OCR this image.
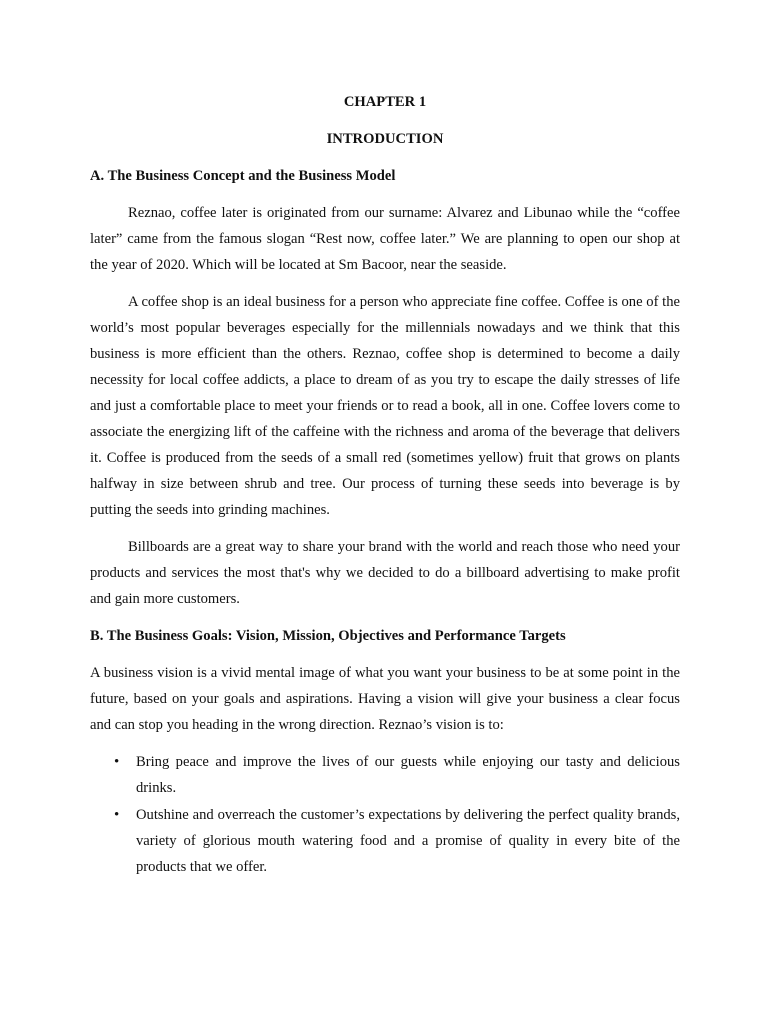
CHAPTER 1

INTRODUCTION

A. The Business Concept and the Business Model

Reznao, coffee later is originated from our surname: Alvarez and Libunao while the “coffee later” came from the famous slogan “Rest now, coffee later.” We are planning to open our shop at the year of 2020. Which will be located at Sm Bacoor, near the seaside.

A coffee shop is an ideal business for a person who appreciate fine coffee. Coffee is one of the world’s most popular beverages especially for the millennials nowadays and we think that this business is more efficient than the others. Reznao, coffee shop is determined to become a daily necessity for local coffee addicts, a place to dream of as you try to escape the daily stresses of life and just a comfortable place to meet your friends or to read a book, all in one. Coffee lovers come to associate the energizing lift of the caffeine with the richness and aroma of the beverage that delivers it. Coffee is produced from the seeds of a small red (sometimes yellow) fruit that grows on plants halfway in size between shrub and tree. Our process of turning these seeds into beverage is by putting the seeds into grinding machines.

Billboards are a great way to share your brand with the world and reach those who need your products and services the most that's why we decided to do a billboard advertising to make profit and gain more customers.

B. The Business Goals: Vision, Mission, Objectives and Performance Targets

A business vision is a vivid mental image of what you want your business to be at some point in the future, based on your goals and aspirations. Having a vision will give your business a clear focus and can stop you heading in the wrong direction. Reznao’s vision is to:

• Bring peace and improve the lives of our guests while enjoying our tasty and delicious drinks.
• Outshine and overreach the customer’s expectations by delivering the perfect quality brands, variety of glorious mouth watering food and a promise of quality in every bite of the products that we offer.
